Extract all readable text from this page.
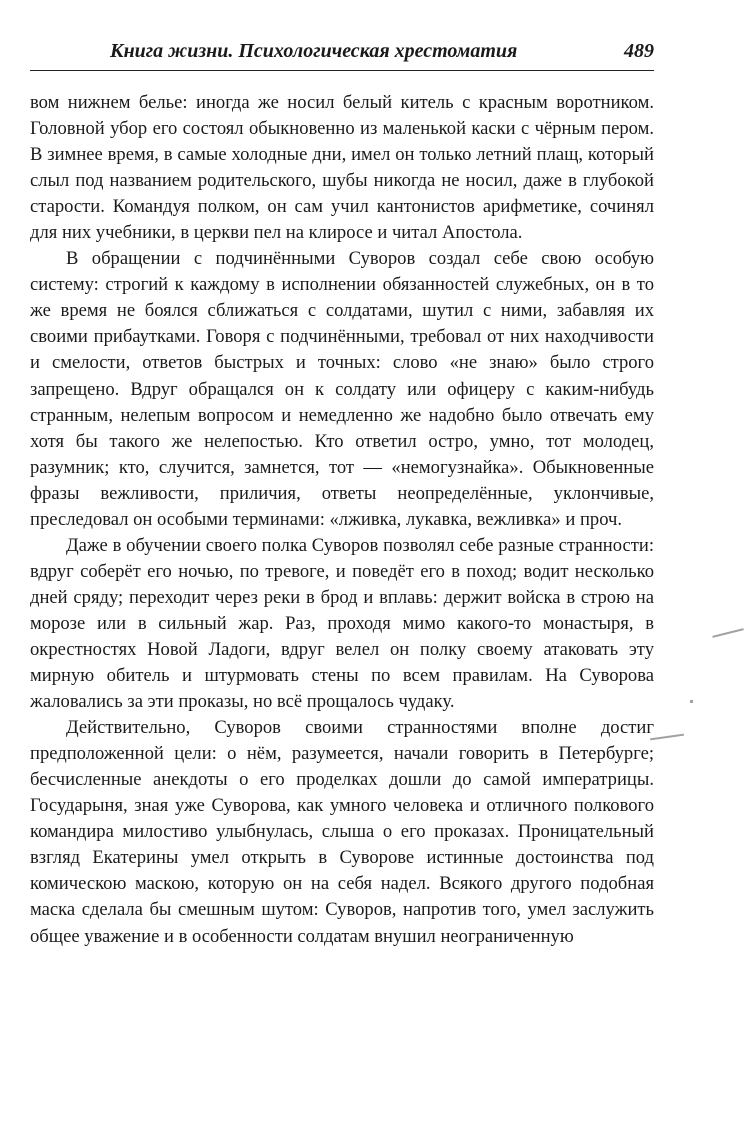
Книга жизни. Психологическая хрестоматия	489

вом нижнем белье: иногда же носил белый китель с красным воротником. Головной убор его состоял обыкновенно из маленькой каски с чёрным пером. В зимнее время, в самые холодные дни, имел он только летний плащ, который слыл под названием родительского, шубы никогда не носил, даже в глубокой старости. Командуя полком, он сам учил кантонистов арифметике, сочинял для них учебники, в церкви пел на клиросе и читал Апостола.

В обращении с подчинёнными Суворов создал себе свою особую систему: строгий к каждому в исполнении обязанностей служебных, он в то же время не боялся сближаться с солдатами, шутил с ними, забавляя их своими прибаутками. Говоря с подчинёнными, требовал от них находчивости и смелости, ответов быстрых и точных: слово «не знаю» было строго запрещено. Вдруг обращался он к солдату или офицеру с каким-нибудь странным, нелепым вопросом и немедленно же надобно было отвечать ему хотя бы такого же нелепостью. Кто ответил остро, умно, тот молодец, разумник; кто, случится, замнется, тот — «немогузнайка». Обыкновенные фразы вежливости, приличия, ответы неопределённые, уклончивые, преследовал он особыми терминами: «лживка, лукавка, вежливка» и проч.

Даже в обучении своего полка Суворов позволял себе разные странности: вдруг соберёт его ночью, по тревоге, и поведёт его в поход; водит несколько дней сряду; переходит через реки в брод и вплавь: держит войска в строю на морозе или в сильный жар. Раз, проходя мимо какого-то монастыря, в окрестностях Новой Ладоги, вдруг велел он полку своему атаковать эту мирную обитель и штурмовать стены по всем правилам. На Суворова жаловались за эти проказы, но всё прощалось чудаку.

Действительно, Суворов своими странностями вполне достиг предположенной цели: о нём, разумеется, начали говорить в Петербурге; бесчисленные анекдоты о его проделках дошли до самой императрицы. Государыня, зная уже Суворова, как умного человека и отличного полкового командира милостиво улыбнулась, слыша о его проказах. Проницательный взгляд Екатерины умел открыть в Суворове истинные достоинства под комическою маскою, которую он на себя надел. Всякого другого подобная маска сделала бы смешным шутом: Суворов, напротив того, умел заслужить общее уважение и в особенности солдатам внушил неограниченную
